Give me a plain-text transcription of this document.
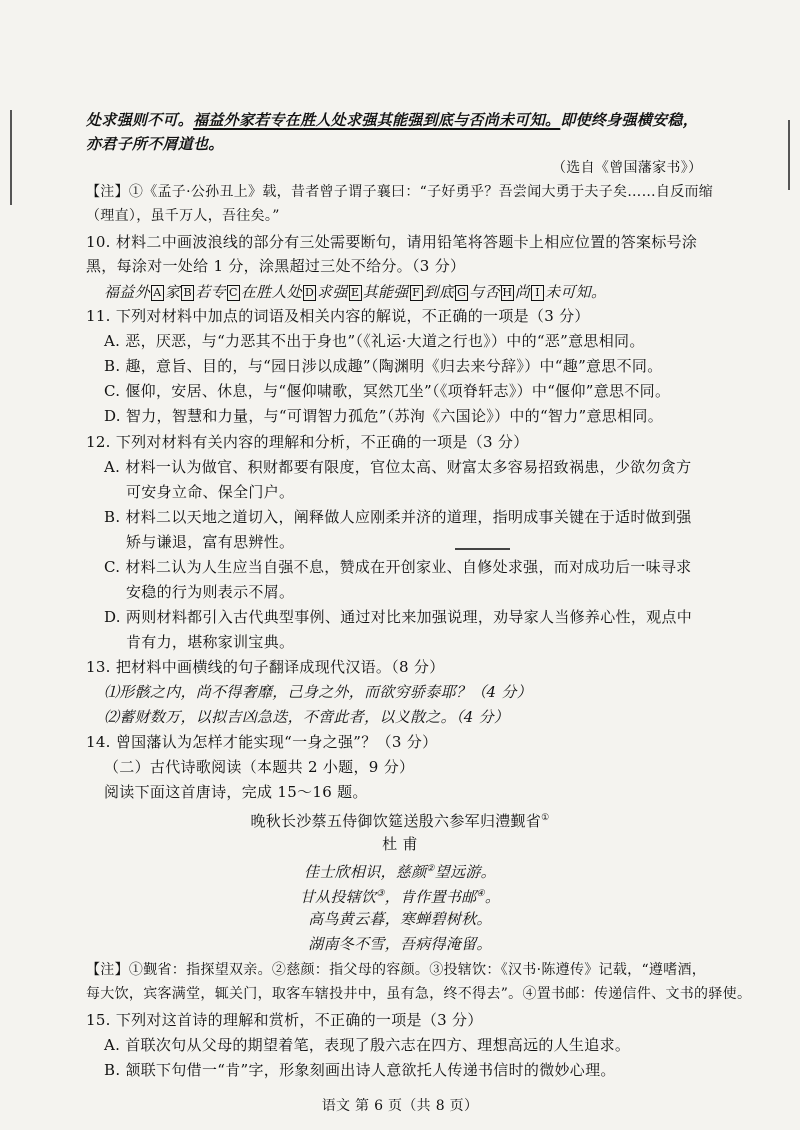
处求强则不可。福益外家若专在胜人处求强其能强到底与否尚未可知。即使终身强横安稳，
亦君子所不屑道也。
（选自《曾国藩家书》）
【注】①《孟子·公孙丑上》载，昔者曾子谓子襄曰：“子好勇乎？吾尝闻大勇于夫子矣……自反而缩
（理直），虽千万人，吾往矣。”
10. 材料二中画波浪线的部分有三处需要断句，请用铅笔将答题卡上相应位置的答案标号涂
黑，每涂对一处给 1 分，涂黑超过三处不给分。（3 分）
福益外 A 家 B 若专 C 在胜人处 D 求强 E 其能强 F 到底 G 与否 H 尚 I 未可知。
11. 下列对材料中加点的词语及相关内容的解说，不正确的一项是（3 分）
A. 恶，厌恶，与“力恶其不出于身也”（《礼运·大道之行也》）中的“恶”意思相同。
B. 趣，意旨、目的，与“园日涉以成趣”（陶渊明《归去来兮辞》）中“趣”意思不同。
C. 偃仰，安居、休息，与“偃仰啸歌，冥然兀坐”（《项脊轩志》）中“偃仰”意思不同。
D. 智力，智慧和力量，与“可谓智力孤危”（苏洵《六国论》）中的“智力”意思相同。
12. 下列对材料有关内容的理解和分析，不正确的一项是（3 分）
A. 材料一认为做官、积财都要有限度，官位太高、财富太多容易招致祸患，少欲勿贪方
可安身立命、保全门户。
B. 材料二以天地之道切入，阐释做人应刚柔并济的道理，指明成事关键在于适时做到强
矫与谦退，富有思辨性。
C. 材料二认为人生应当自强不息，赞成在开创家业、自修处求强，而对成功后一味寻求
安稳的行为则表示不屑。
D. 两则材料都引入古代典型事例、通过对比来加强说理，劝导家人当修养心性，观点中
肯有力，堪称家训宝典。
13. 把材料中画横线的句子翻译成现代汉语。（8 分）
⑴形骸之内，尚不得奢靡，己身之外，而欲穷骄泰耶？（4 分）
⑵蓄财数万，以拟吉凶急迭，不啻此者，以义散之。（4 分）
14. 曾国藩认为怎样才能实现“一身之强”？（3 分）
（二）古代诗歌阅读（本题共 2 小题，9 分）
阅读下面这首唐诗，完成 15～16 题。
晚秋长沙蔡五侍御饮筵送殷六参军归澧觐省①
杜 甫
佳士欣相识，慈颜②望远游。
甘从投辖饮③，肯作置书邮④。
高鸟黄云暮，寒蝉碧树秋。
湖南冬不雪，吾病得淹留。
【注】①觐省：指探望双亲。②慈颜：指父母的容颜。③投辖饮：《汉书·陈遵传》记载，“遵嗜酒，
每大饮，宾客满堂，辄关门，取客车辖投井中，虽有急，终不得去”。④置书邮：传递信件、文书的驿使。
15. 下列对这首诗的理解和赏析，不正确的一项是（3 分）
A. 首联次句从父母的期望着笔，表现了殷六志在四方、理想高远的人生追求。
B. 颔联下句借一“肯”字，形象刻画出诗人意欲托人传递书信时的微妙心理。
语文 第 6 页（共 8 页）
